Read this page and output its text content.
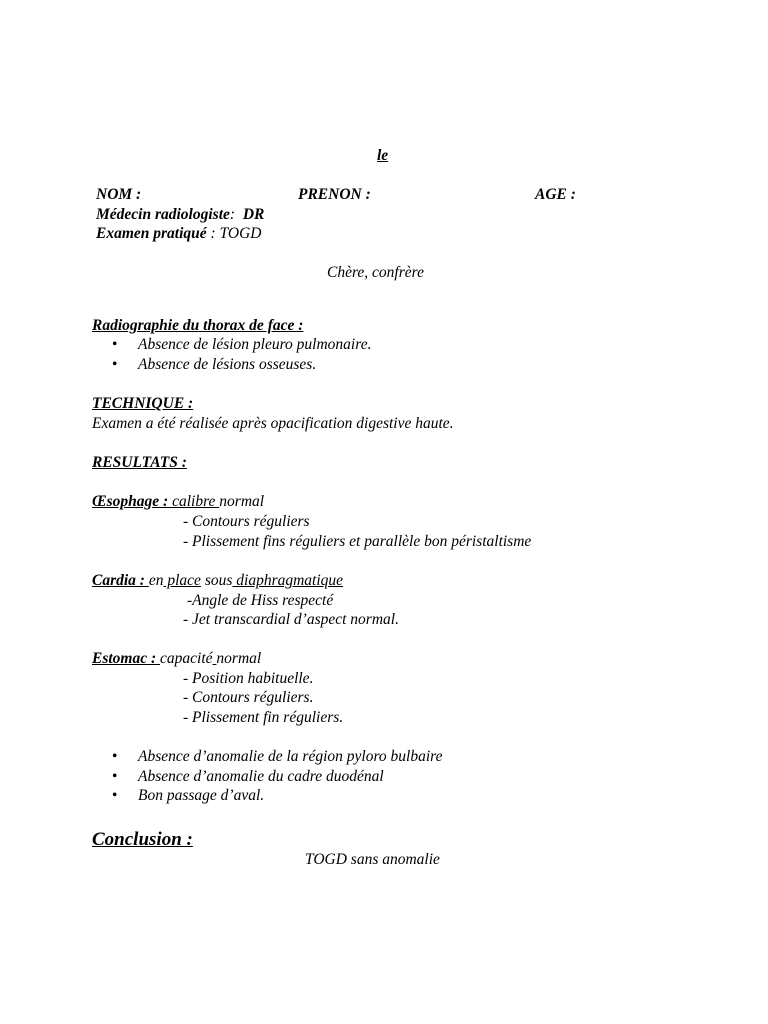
le
NOM :	PRENON :	AGE :
Médecin radiologiste: DR
Examen pratiqué : TOGD
Chère, confrère
Radiographie du thorax de face :
• Absence de lésion pleuro pulmonaire.
• Absence de lésions osseuses.
TECHNIQUE :
Examen a été réalisée après opacification digestive haute.
RESULTATS :
Œsophage : calibre normal
- Contours réguliers
- Plissement fins réguliers et parallèle bon péristaltisme
Cardia : en place sous diaphragmatique
-Angle de Hiss respecté
- Jet transcardial d’aspect normal.
Estomac : capacité normal
- Position habituelle.
- Contours réguliers.
- Plissement fin réguliers.
• Absence d’anomalie de la région pyloro bulbaire
• Absence d’anomalie du cadre duodénal
• Bon passage d’aval.
Conclusion :
TOGD sans anomalie
